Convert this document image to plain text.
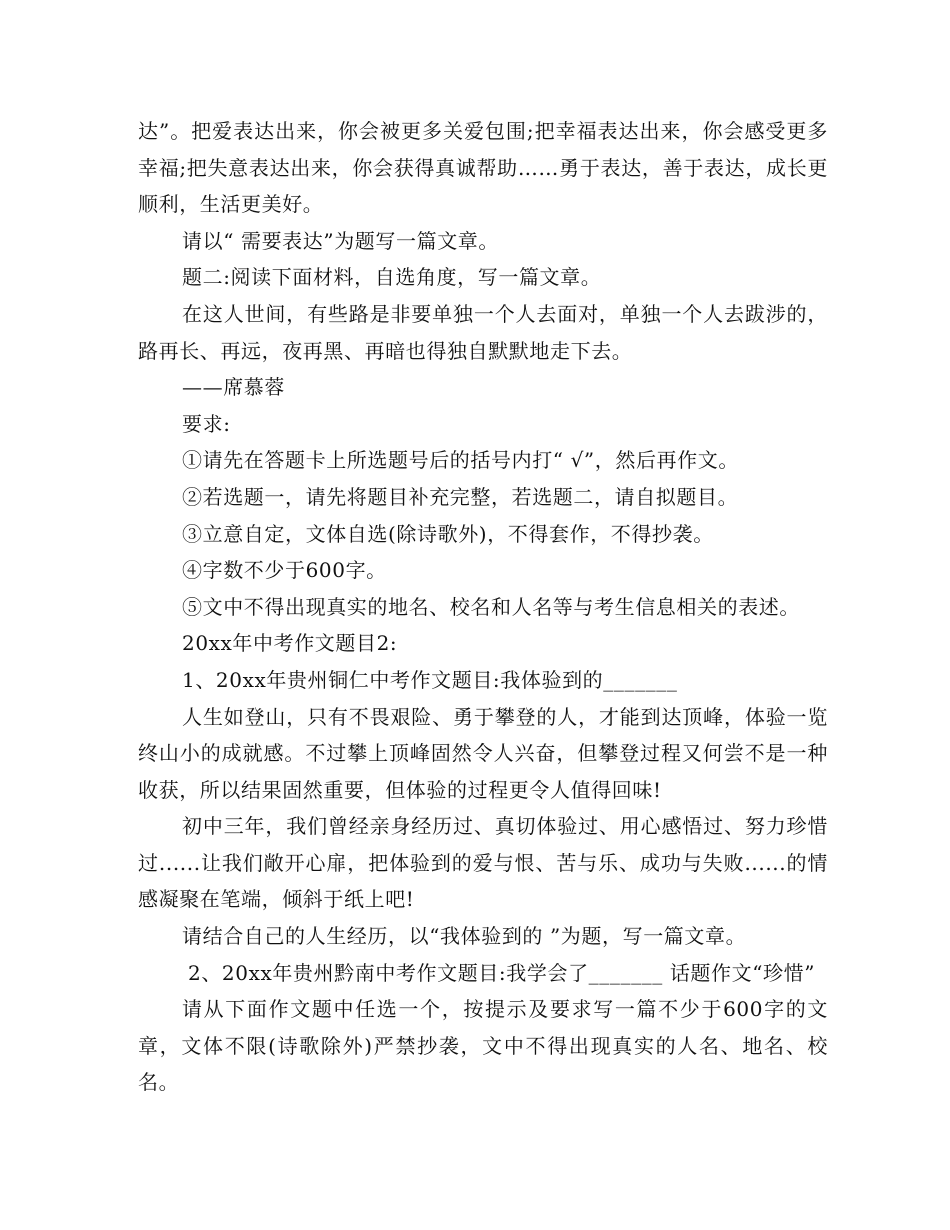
达”。把爱表达出来，你会被更多关爱包围;把幸福表达出来，你会感受更多幸福;把失意表达出来，你会获得真诚帮助……勇于表达，善于表达，成长更顺利，生活更美好。

请以“ 需要表达”为题写一篇文章。

题二:阅读下面材料，自选角度，写一篇文章。

在这人世间，有些路是非要单独一个人去面对，单独一个人去跋涉的，路再长、再远，夜再黑、再暗也得独自默默地走下去。

——席慕蓉

要求:

①请先在答题卡上所选题号后的括号内打“ √”，然后再作文。

②若选题一，请先将题目补充完整，若选题二，请自拟题目。

③立意自定，文体自选(除诗歌外)，不得套作，不得抄袭。

④字数不少于600字。

⑤文中不得出现真实的地名、校名和人名等与考生信息相关的表述。

20xx年中考作文题目2:

1、20xx年贵州铜仁中考作文题目:我体验到的_______

人生如登山，只有不畏艰险、勇于攀登的人，才能到达顶峰，体验一览终山小的成就感。不过攀上顶峰固然令人兴奋，但攀登过程又何尝不是一种收获，所以结果固然重要，但体验的过程更令人值得回味!

初中三年，我们曾经亲身经历过、真切体验过、用心感悟过、努力珍惜过......让我们敞开心扉，把体验到的爱与恨、苦与乐、成功与失败......的情感凝聚在笔端，倾斜于纸上吧!

请结合自己的人生经历，以“我体验到的 ”为题，写一篇文章。

2、20xx年贵州黔南中考作文题目:我学会了_______ 话题作文“珍惜”

请从下面作文题中任选一个，按提示及要求写一篇不少于600字的文章，文体不限(诗歌除外)严禁抄袭，文中不得出现真实的人名、地名、校名。
